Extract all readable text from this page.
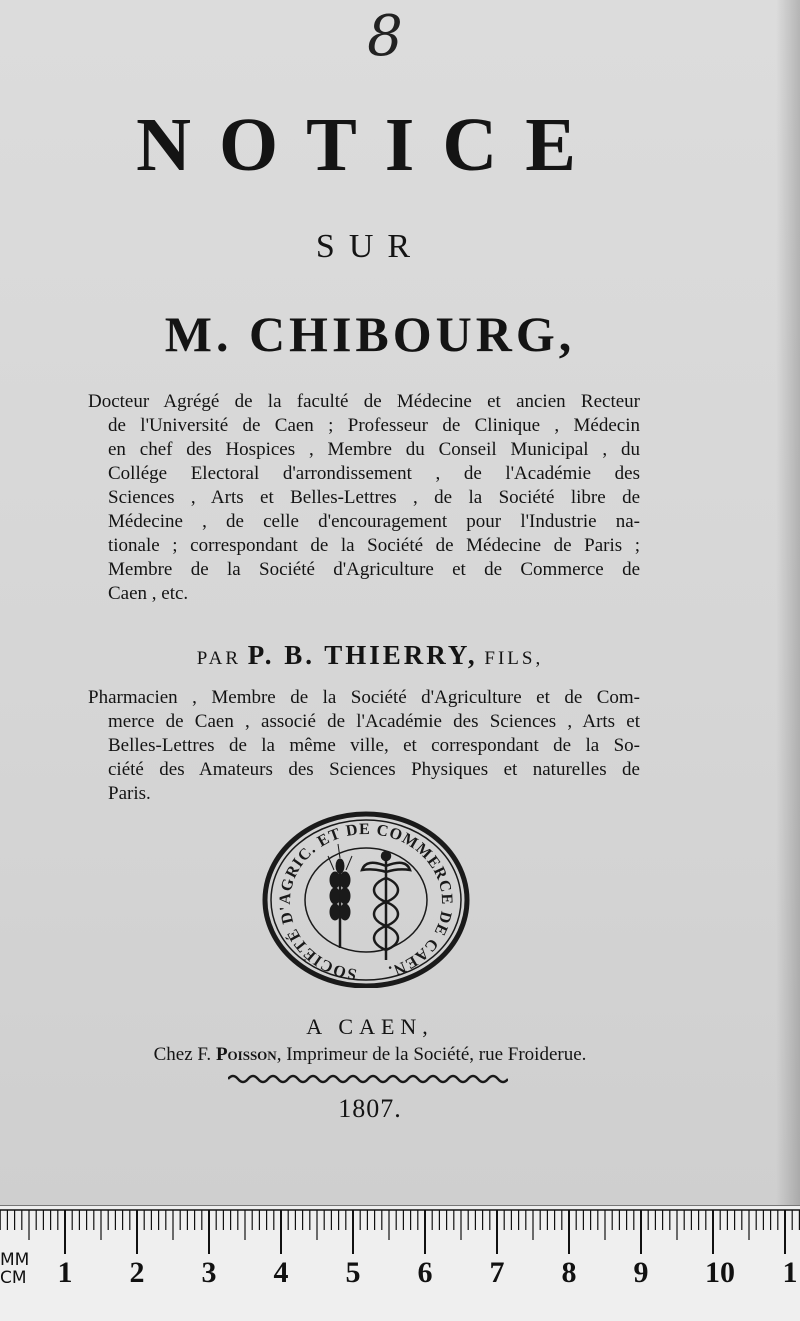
8
NOTICE
SUR
M. CHIBOURG,
Docteur Agrégé de la faculté de Médecine et ancien Recteur
de l'Université de Caen ; Professeur de Clinique , Médecin
en chef des Hospices , Membre du Conseil Municipal , du
Collége Electoral d'arrondissement , de l'Académie des
Sciences , Arts et Belles-Lettres , de la Société libre de
Médecine , de celle d'encouragement pour l'Industrie na-
tionale ; correspondant de la Société de Médecine de Paris ;
Membre de la Société d'Agriculture et de Commerce de
Caen , etc.
PAR P. B. THIERRY, FILS,
Pharmacien , Membre de la Société d'Agriculture et de Com-
merce de Caen , associé de l'Académie des Sciences , Arts et
Belles-Lettres de la même ville, et correspondant de la So-
ciété des Amateurs des Sciences Physiques et naturelles de
Paris.
SOCIÉTÉ D'AGRIC. ET DE COMMERCE DE CAEN.
A CAEN,
Chez F. Poisson, Imprimeur de la Société, rue Froiderue.
1807.
MM
CM	1	2	3	4	5	6	7	8	9	10	1
